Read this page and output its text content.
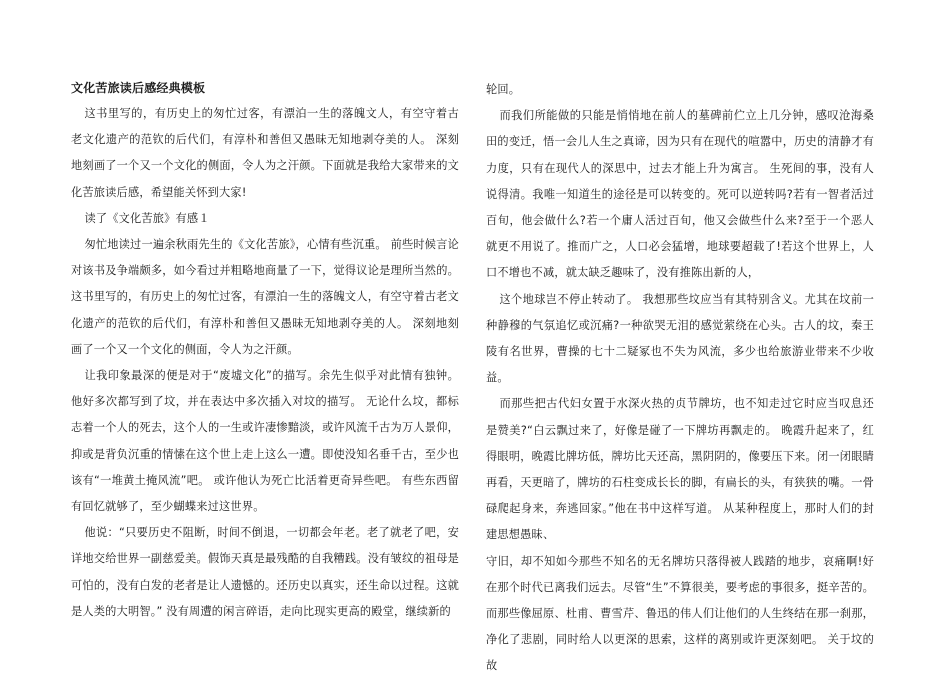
文化苦旅读后感经典模板

这书里写的，有历史上的匆忙过客，有漂泊一生的落魄文人，有空守着古老文化遗产的范钦的后代们，有淳朴和善但又愚昧无知地剥夺美的人。 深刻地刻画了一个又一个文化的侧面，令人为之汗颜。下面就是我给大家带来的文化苦旅读后感，希望能关怀到大家!

读了《文化苦旅》有感１

匆忙地读过一遍余秋雨先生的《文化苦旅》，心情有些沉重。 前些时候言论对该书及争端颇多，如今看过并粗略地商量了一下，觉得议论是理所当然的。这书里写的，有历史上的匆忙过客，有漂泊一生的落魄文人，有空守着古老文化遗产的范钦的后代们，有淳朴和善但又愚昧无知地剥夺美的人。 深刻地刻画了一个又一个文化的侧面，令人为之汗颜。

让我印象最深的便是对于“废墟文化”的描写。余先生似乎对此情有独钟。他好多次都写到了坟，并在表达中多次插入对坟的描写。 无论什么坟，都标志着一个人的死去，这个人的一生或许凄惨黯淡，或许风流千古为万人景仰，抑或是背负沉重的情愫在这个世上走上这么一遭。即使没知名垂千古，至少也该有“一堆黄土掩风流”吧。 或许他认为死亡比活着更奇异些吧。 有些东西留有回忆就够了，至少蝴蝶来过这世界。

他说：“只要历史不阻断，时间不倒退，一切都会年老。老了就老了吧，安详地交给世界一副慈爱美。假饰天真是最残酷的自我糟践。没有皱纹的祖母是可怕的，没有白发的老者是让人遗憾的。还历史以真实，还生命以过程。这就是人类的大明智。” 没有周遭的闲言碎语，走向比现实更高的殿堂，继续新的

轮回。

而我们所能做的只能是悄悄地在前人的墓碑前伫立上几分钟，感叹沧海桑田的变迁，悟一会儿人生之真谛，因为只有在现代的喧嚣中，历史的清静才有力度，只有在现代人的深思中，过去才能上升为寓言。 生死间的事，没有人说得清。我唯一知道生的途径是可以转变的。死可以逆转吗?若有一智者活过百旬，他会做什么?若一个庸人活过百旬，他又会做些什么来?至于一个恶人就更不用说了。推而广之，人口必会猛增，地球要超载了!若这个世界上，人口不增也不减，就太缺乏趣味了，没有推陈出新的人，

这个地球岂不停止转动了。 我想那些坟应当有其特别含义。尤其在坟前一种静穆的气氛追忆或沉痛?一种欲哭无泪的感觉萦绕在心头。古人的坟，秦王陵有名世界，曹操的七十二疑冢也不失为风流，多少也给旅游业带来不少收益。

而那些把古代妇女置于水深火热的贞节牌坊，也不知走过它时应当叹息还是赞美?“白云飘过来了，好像是碰了一下牌坊再飘走的。 晚霞升起来了，红得眼明，晚霞比牌坊低，牌坊比天还高，黑阴阴的，像要压下来。闭一闭眼睛再看，天更暗了，牌坊的石柱变成长长的脚，有扁长的头，有狭狭的嘴。一骨碌爬起身来，奔逃回家。”他在书中这样写道。 从某种程度上，那时人们的封建思想愚昧、

守旧，却不知如今那些不知名的无名牌坊只落得被人践踏的地步，哀痛啊!好在那个时代已离我们远去。尽管“生”不算很美，要考虑的事很多，挺辛苦的。而那些像屈原、杜甫、曹雪芹、鲁迅的伟人们让他们的人生终结在那一刹那，净化了悲剧，同时给人以更深的思索，这样的离别或许更深刻吧。 关于坟的故
